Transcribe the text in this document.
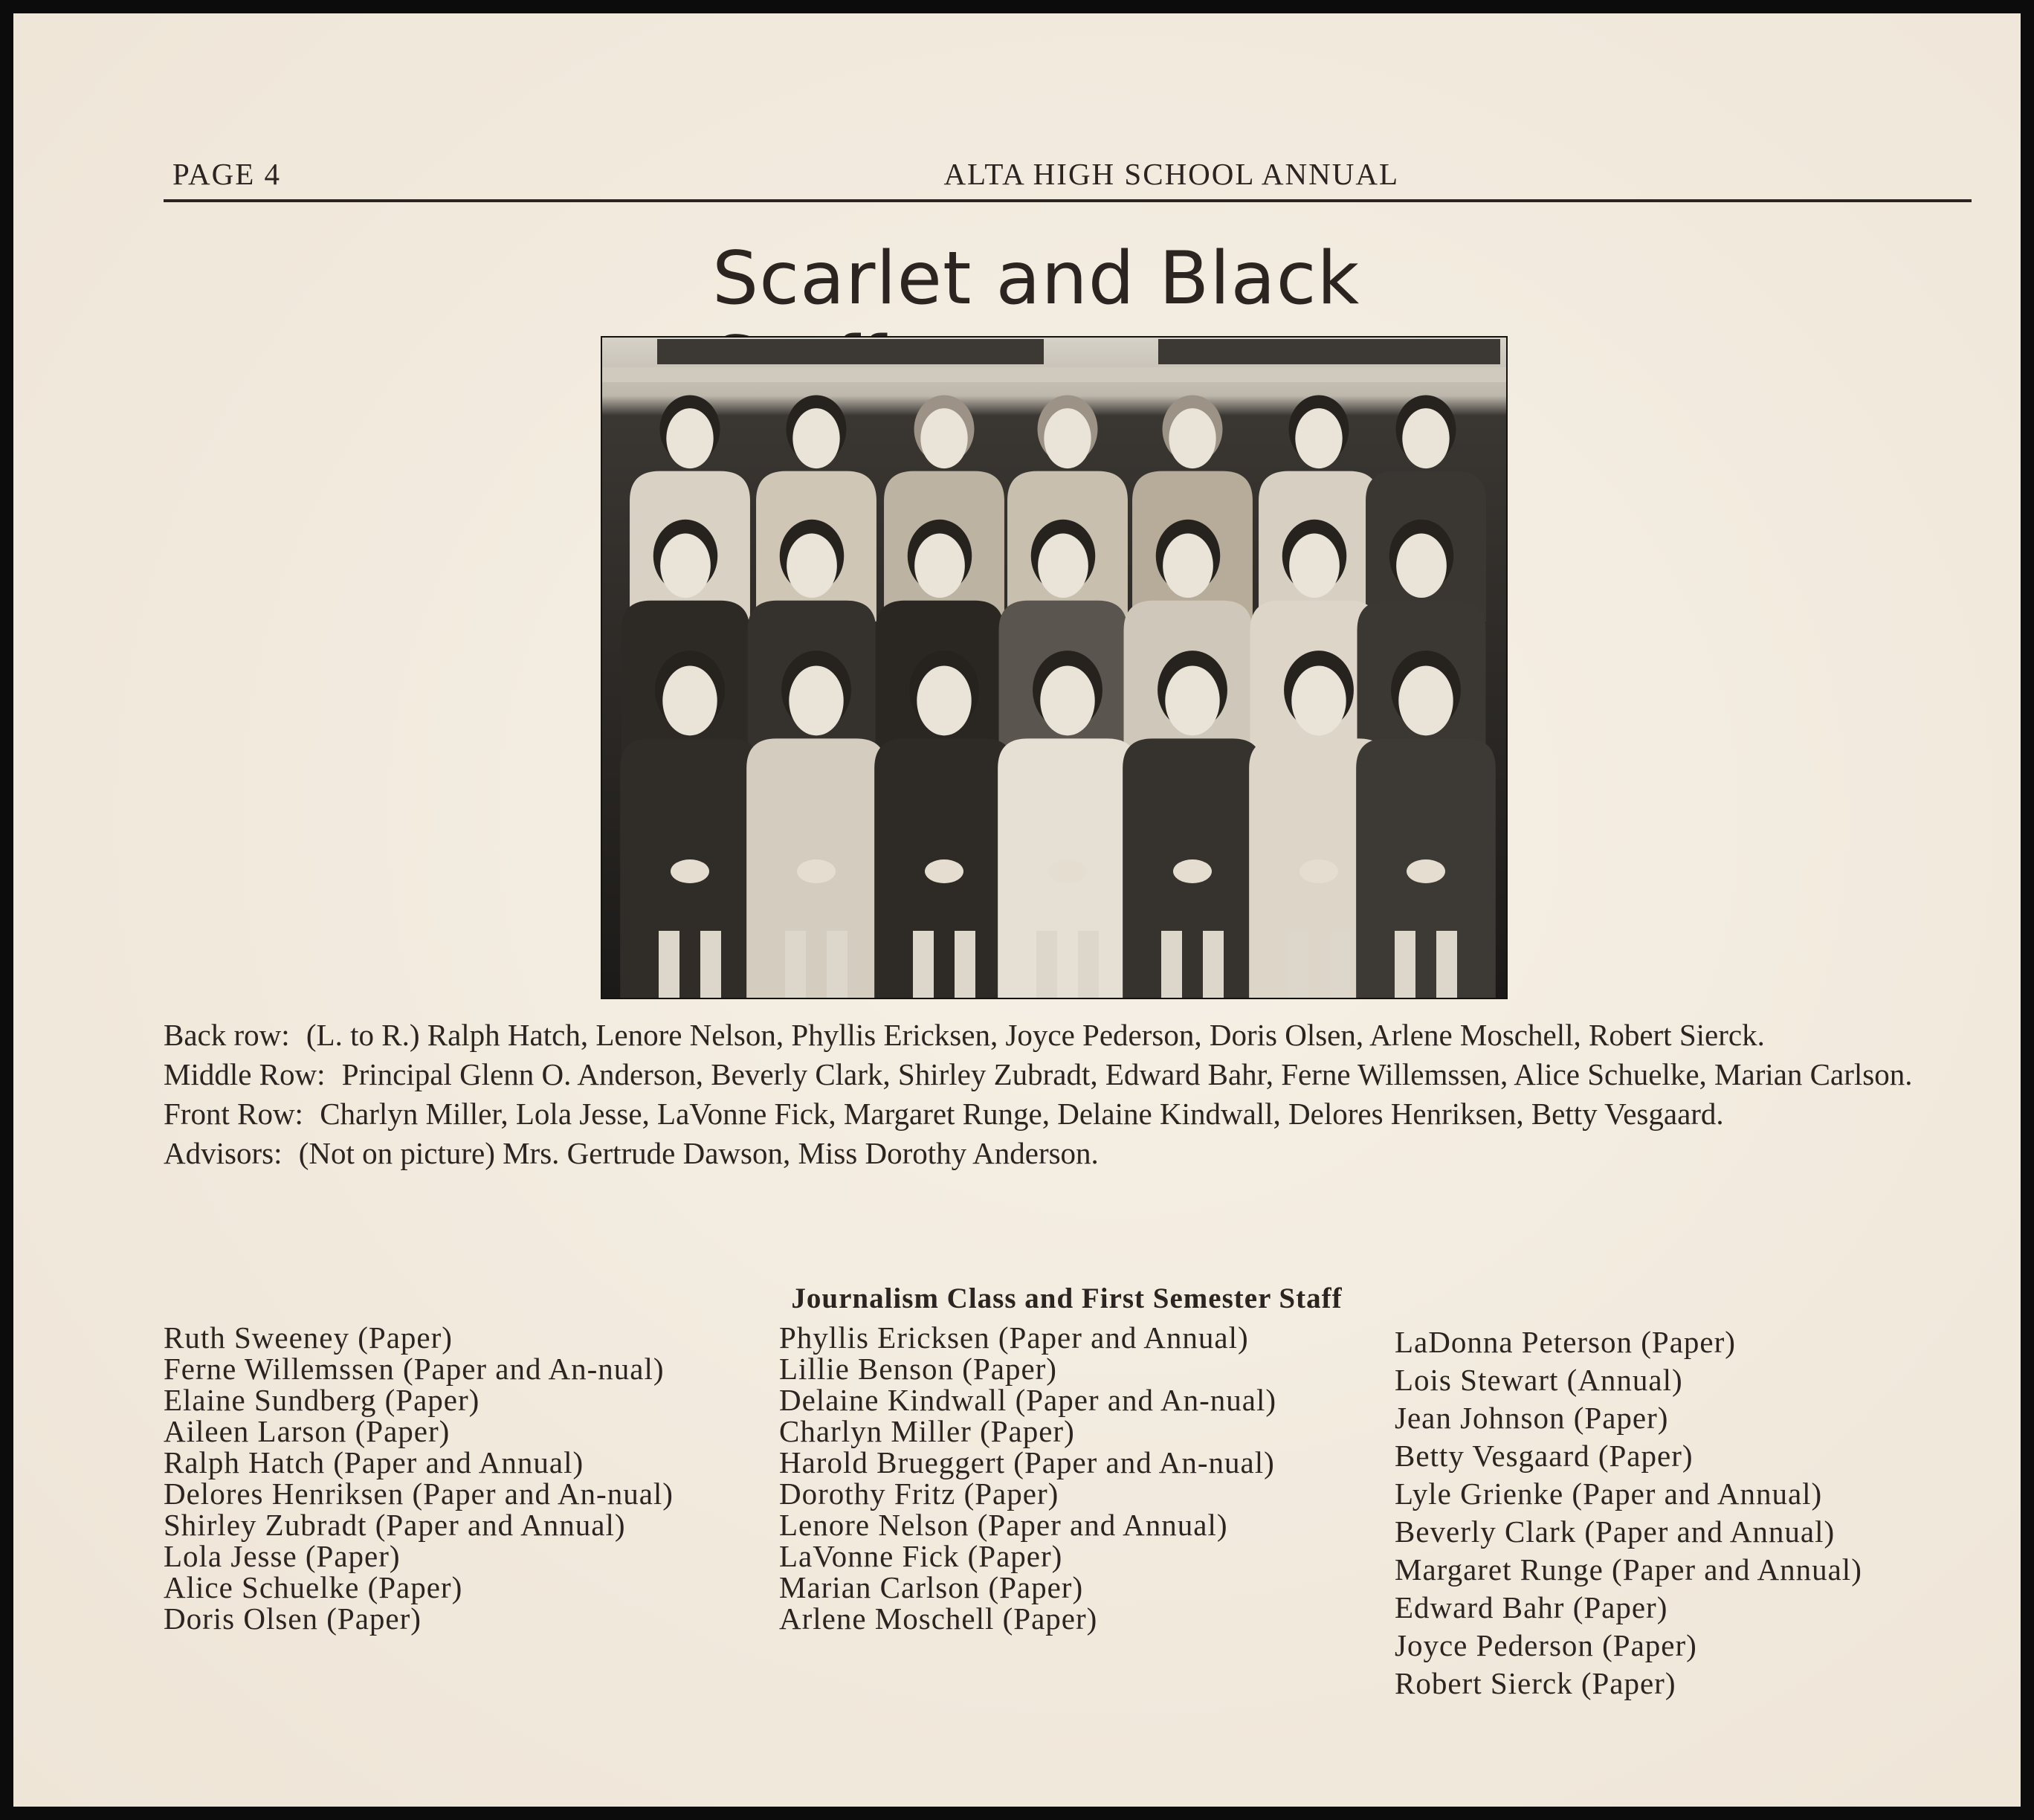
PAGE 4	ALTA HIGH SCHOOL ANNUAL
Scarlet and Black
Back row: (L. to R.) Ralph Hatch, Lenore Nelson, Phyllis Ericksen, Joyce Pederson, Doris Olsen, Arlene Moschell, Robert Sierck.
Middle Row: Principal Glenn O. Anderson, Beverly Clark, Shirley Zubradt, Edward Bahr, Ferne Willemssen, Alice Schuelke, Marian Carlson.
Front Row: Charlyn Miller, Lola Jesse, LaVonne Fick, Margaret Runge, Delaine Kindwall, Delores Henriksen, Betty Vesgaard.
Advisors: (Not on picture) Mrs. Gertrude Dawson, Miss Dorothy Anderson.
Journalism Class and First Semester Staff
Ruth Sweeney (Paper)
Ferne Willemssen (Paper and An-nual)
Elaine Sundberg (Paper)
Aileen Larson (Paper)
Ralph Hatch (Paper and Annual)
Delores Henriksen (Paper and An-nual)
Shirley Zubradt (Paper and Annual)
Lola Jesse (Paper)
Alice Schuelke (Paper)
Doris Olsen (Paper)
Phyllis Ericksen (Paper and Annual)
Lillie Benson (Paper)
Delaine Kindwall (Paper and An-nual)
Charlyn Miller (Paper)
Harold Brueggert (Paper and An-nual)
Dorothy Fritz (Paper)
Lenore Nelson (Paper and Annual)
LaVonne Fick (Paper)
Marian Carlson (Paper)
Arlene Moschell (Paper)
LaDonna Peterson (Paper)
Lois Stewart (Annual)
Jean Johnson (Paper)
Betty Vesgaard (Paper)
Lyle Grienke (Paper and Annual)
Beverly Clark (Paper and Annual)
Margaret Runge (Paper and Annual)
Edward Bahr (Paper)
Joyce Pederson (Paper)
Robert Sierck (Paper)
